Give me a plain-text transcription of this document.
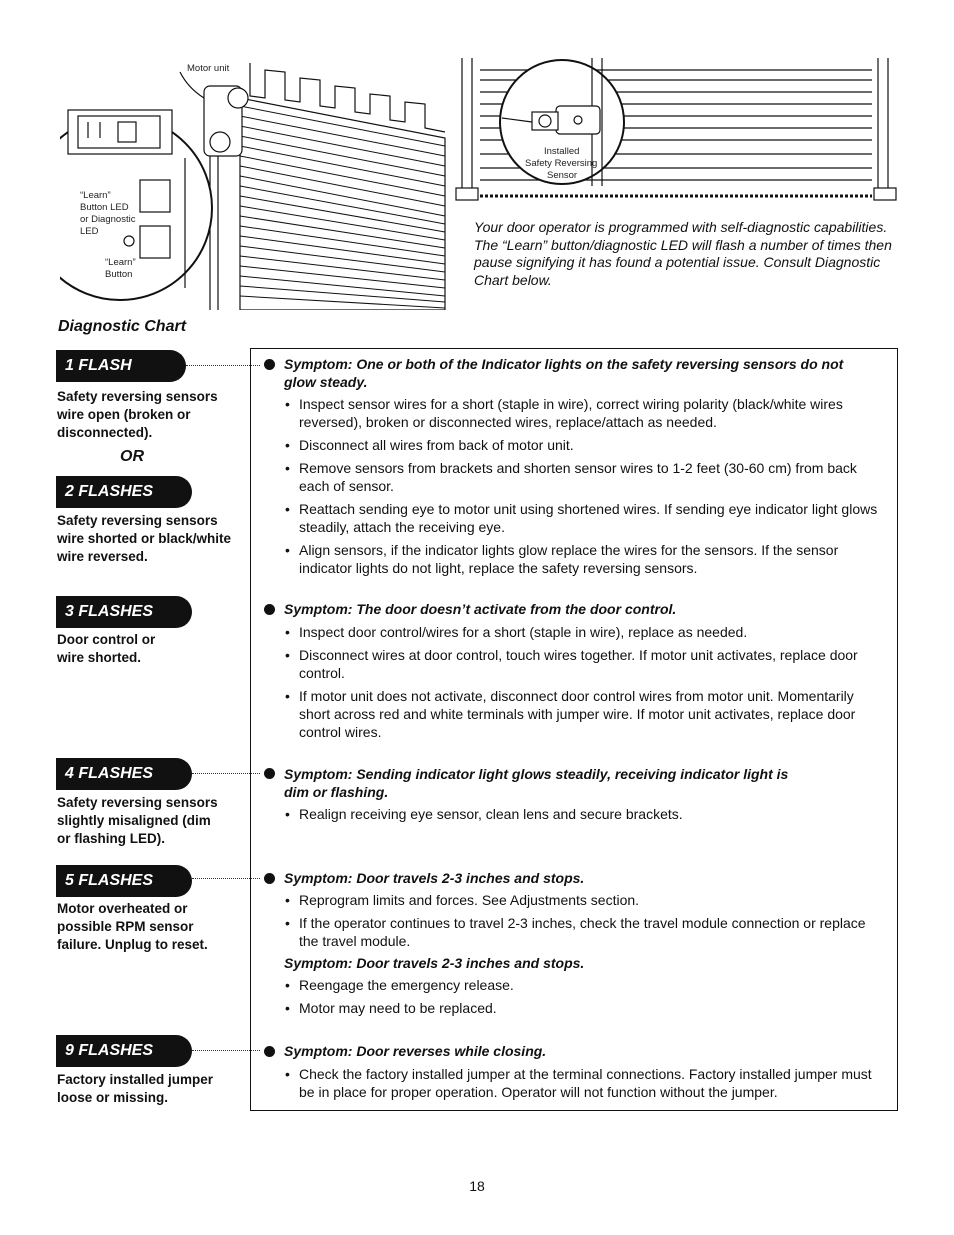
Motor unit
“Learn”
Button LED
or Diagnostic
LED
“Learn”
Button
Installed
Safety Reversing
Sensor
Your door operator is programmed with self-diagnostic capabilities. The “Learn” button/diagnostic LED will flash a number of times then pause signifying it has found a potential issue. Consult Diagnostic Chart below.
Diagnostic Chart
1 FLASH
Safety reversing sensors wire open (broken or disconnected).
OR
2 FLASHES
Safety reversing sensors wire shorted or black/white wire reversed.
3 FLASHES
Door control or wire shorted.
4 FLASHES
Safety reversing sensors slightly misaligned (dim or flashing LED).
5 FLASHES
Motor overheated or possible RPM sensor failure. Unplug to reset.
9 FLASHES
Factory installed jumper loose or missing.
Symptom: One or both of the Indicator lights on the safety reversing sensors do not glow steady.
• Inspect sensor wires for a short (staple in wire), correct wiring polarity (black/white wires reversed), broken or disconnected wires, replace/attach as needed.
• Disconnect all wires from back of motor unit.
• Remove sensors from brackets and shorten sensor wires to 1-2 feet (30-60 cm) from back each of sensor.
• Reattach sending eye to motor unit using shortened wires. If sending eye indicator light glows steadily, attach the receiving eye.
• Align sensors, if the indicator lights glow replace the wires for the sensors. If the sensor indicator lights do not light, replace the safety reversing sensors.
Symptom: The door doesn’t activate from the door control.
• Inspect door control/wires for a short (staple in wire), replace as needed.
• Disconnect wires at door control, touch wires together. If motor unit activates, replace door control.
• If motor unit does not activate, disconnect door control wires from motor unit. Momentarily short across red and white terminals with jumper wire. If motor unit activates, replace door control wires.
Symptom: Sending indicator light glows steadily, receiving indicator light is dim or flashing.
• Realign receiving eye sensor, clean lens and secure brackets.
Symptom: Door travels 2-3 inches and stops.
• Reprogram limits and forces. See Adjustments section.
• If the operator continues to travel 2-3 inches, check the travel module connection or replace the travel module.
Symptom: Door travels 2-3 inches and stops.
• Reengage the emergency release.
• Motor may need to be replaced.
Symptom: Door reverses while closing.
• Check the factory installed jumper at the terminal connections. Factory installed jumper must be in place for proper operation. Operator will not function without the jumper.
18
